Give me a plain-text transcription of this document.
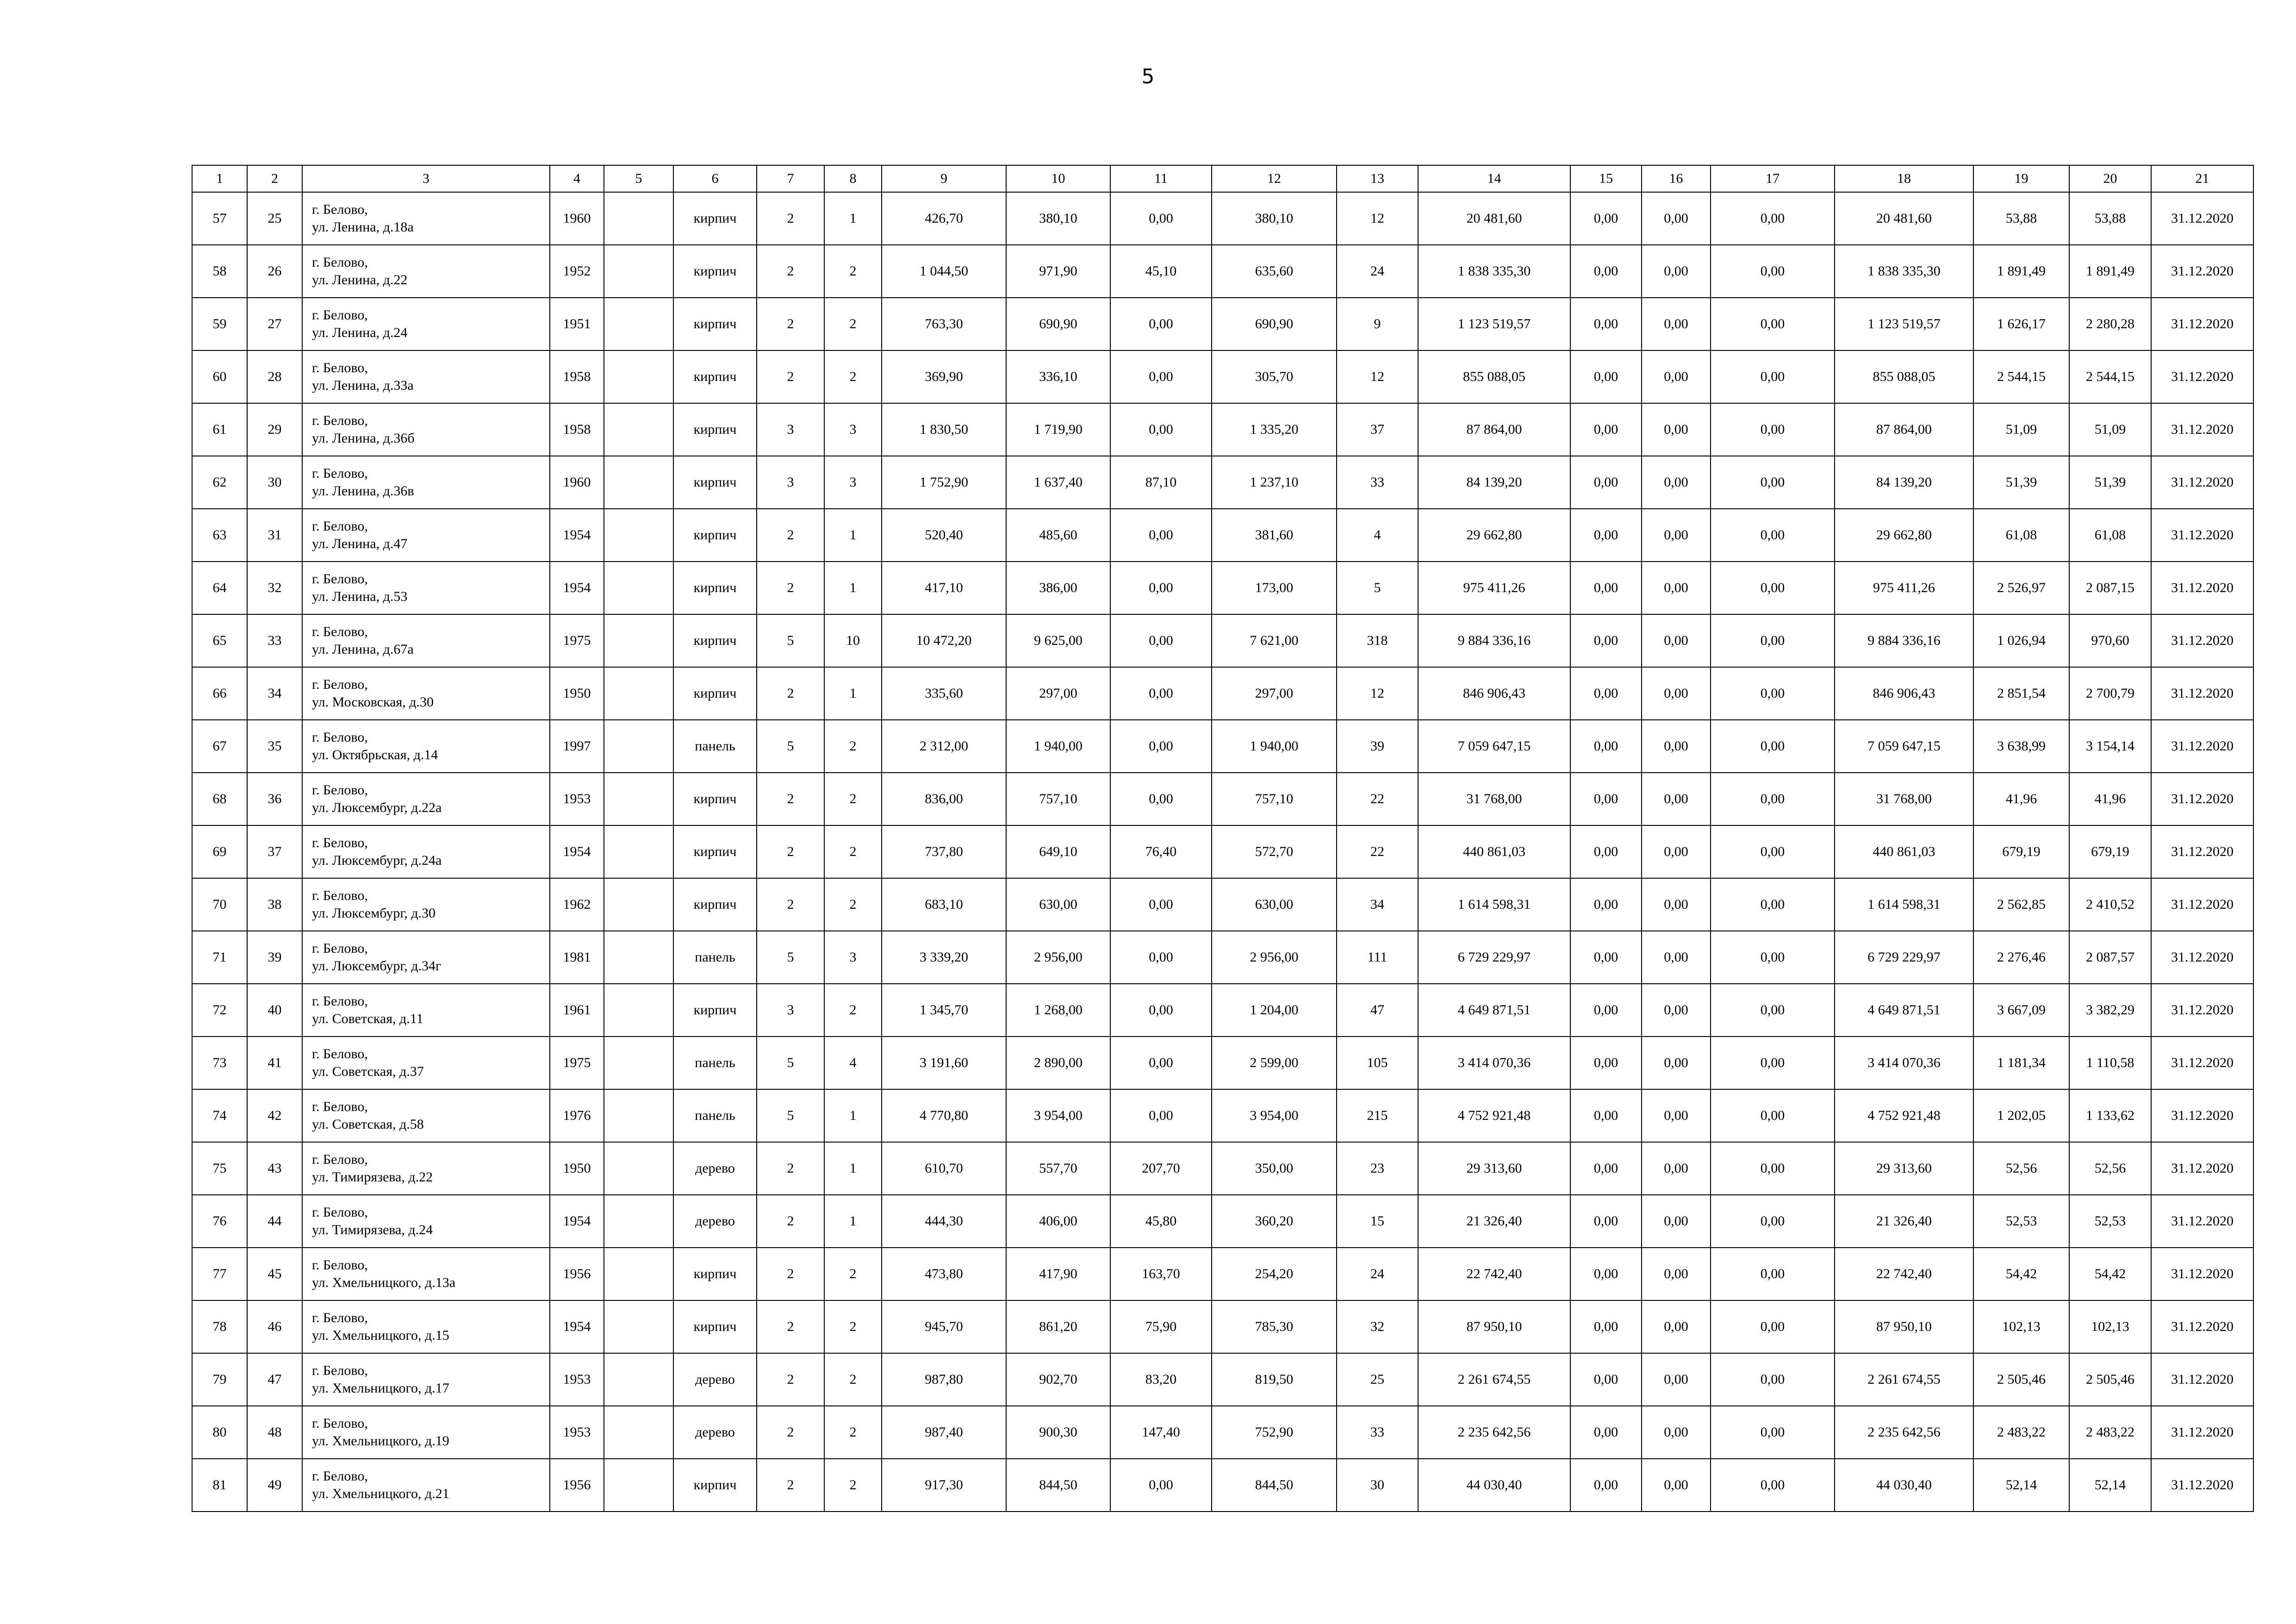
5
1	2	3	4	5	6	7	8	9	10	11	12	13	14	15	16	17	18	19	20	21
57	25	г. Белово,
ул. Ленина, д.18а	1960		кирпич	2	1	426,70	380,10	0,00	380,10	12	20 481,60	0,00	0,00	0,00	20 481,60	53,88	53,88	31.12.2020
58	26	г. Белово,
ул. Ленина, д.22	1952		кирпич	2	2	1 044,50	971,90	45,10	635,60	24	1 838 335,30	0,00	0,00	0,00	1 838 335,30	1 891,49	1 891,49	31.12.2020
59	27	г. Белово,
ул. Ленина, д.24	1951		кирпич	2	2	763,30	690,90	0,00	690,90	9	1 123 519,57	0,00	0,00	0,00	1 123 519,57	1 626,17	2 280,28	31.12.2020
60	28	г. Белово,
ул. Ленина, д.33а	1958		кирпич	2	2	369,90	336,10	0,00	305,70	12	855 088,05	0,00	0,00	0,00	855 088,05	2 544,15	2 544,15	31.12.2020
61	29	г. Белово,
ул. Ленина, д.36б	1958		кирпич	3	3	1 830,50	1 719,90	0,00	1 335,20	37	87 864,00	0,00	0,00	0,00	87 864,00	51,09	51,09	31.12.2020
62	30	г. Белово,
ул. Ленина, д.36в	1960		кирпич	3	3	1 752,90	1 637,40	87,10	1 237,10	33	84 139,20	0,00	0,00	0,00	84 139,20	51,39	51,39	31.12.2020
63	31	г. Белово,
ул. Ленина, д.47	1954		кирпич	2	1	520,40	485,60	0,00	381,60	4	29 662,80	0,00	0,00	0,00	29 662,80	61,08	61,08	31.12.2020
64	32	г. Белово,
ул. Ленина, д.53	1954		кирпич	2	1	417,10	386,00	0,00	173,00	5	975 411,26	0,00	0,00	0,00	975 411,26	2 526,97	2 087,15	31.12.2020
65	33	г. Белово,
ул. Ленина, д.67а	1975		кирпич	5	10	10 472,20	9 625,00	0,00	7 621,00	318	9 884 336,16	0,00	0,00	0,00	9 884 336,16	1 026,94	970,60	31.12.2020
66	34	г. Белово,
ул. Московская, д.30	1950		кирпич	2	1	335,60	297,00	0,00	297,00	12	846 906,43	0,00	0,00	0,00	846 906,43	2 851,54	2 700,79	31.12.2020
67	35	г. Белово,
ул. Октябрьская, д.14	1997		панель	5	2	2 312,00	1 940,00	0,00	1 940,00	39	7 059 647,15	0,00	0,00	0,00	7 059 647,15	3 638,99	3 154,14	31.12.2020
68	36	г. Белово,
ул. Люксембург, д.22а	1953		кирпич	2	2	836,00	757,10	0,00	757,10	22	31 768,00	0,00	0,00	0,00	31 768,00	41,96	41,96	31.12.2020
69	37	г. Белово,
ул. Люксембург, д.24а	1954		кирпич	2	2	737,80	649,10	76,40	572,70	22	440 861,03	0,00	0,00	0,00	440 861,03	679,19	679,19	31.12.2020
70	38	г. Белово,
ул. Люксембург, д.30	1962		кирпич	2	2	683,10	630,00	0,00	630,00	34	1 614 598,31	0,00	0,00	0,00	1 614 598,31	2 562,85	2 410,52	31.12.2020
71	39	г. Белово,
ул. Люксембург, д.34г	1981		панель	5	3	3 339,20	2 956,00	0,00	2 956,00	111	6 729 229,97	0,00	0,00	0,00	6 729 229,97	2 276,46	2 087,57	31.12.2020
72	40	г. Белово,
ул. Советская, д.11	1961		кирпич	3	2	1 345,70	1 268,00	0,00	1 204,00	47	4 649 871,51	0,00	0,00	0,00	4 649 871,51	3 667,09	3 382,29	31.12.2020
73	41	г. Белово,
ул. Советская, д.37	1975		панель	5	4	3 191,60	2 890,00	0,00	2 599,00	105	3 414 070,36	0,00	0,00	0,00	3 414 070,36	1 181,34	1 110,58	31.12.2020
74	42	г. Белово,
ул. Советская, д.58	1976		панель	5	1	4 770,80	3 954,00	0,00	3 954,00	215	4 752 921,48	0,00	0,00	0,00	4 752 921,48	1 202,05	1 133,62	31.12.2020
75	43	г. Белово,
ул. Тимирязева, д.22	1950		дерево	2	1	610,70	557,70	207,70	350,00	23	29 313,60	0,00	0,00	0,00	29 313,60	52,56	52,56	31.12.2020
76	44	г. Белово,
ул. Тимирязева, д.24	1954		дерево	2	1	444,30	406,00	45,80	360,20	15	21 326,40	0,00	0,00	0,00	21 326,40	52,53	52,53	31.12.2020
77	45	г. Белово,
ул. Хмельницкого, д.13а	1956		кирпич	2	2	473,80	417,90	163,70	254,20	24	22 742,40	0,00	0,00	0,00	22 742,40	54,42	54,42	31.12.2020
78	46	г. Белово,
ул. Хмельницкого, д.15	1954		кирпич	2	2	945,70	861,20	75,90	785,30	32	87 950,10	0,00	0,00	0,00	87 950,10	102,13	102,13	31.12.2020
79	47	г. Белово,
ул. Хмельницкого, д.17	1953		дерево	2	2	987,80	902,70	83,20	819,50	25	2 261 674,55	0,00	0,00	0,00	2 261 674,55	2 505,46	2 505,46	31.12.2020
80	48	г. Белово,
ул. Хмельницкого, д.19	1953		дерево	2	2	987,40	900,30	147,40	752,90	33	2 235 642,56	0,00	0,00	0,00	2 235 642,56	2 483,22	2 483,22	31.12.2020
81	49	г. Белово,
ул. Хмельницкого, д.21	1956		кирпич	2	2	917,30	844,50	0,00	844,50	30	44 030,40	0,00	0,00	0,00	44 030,40	52,14	52,14	31.12.2020
